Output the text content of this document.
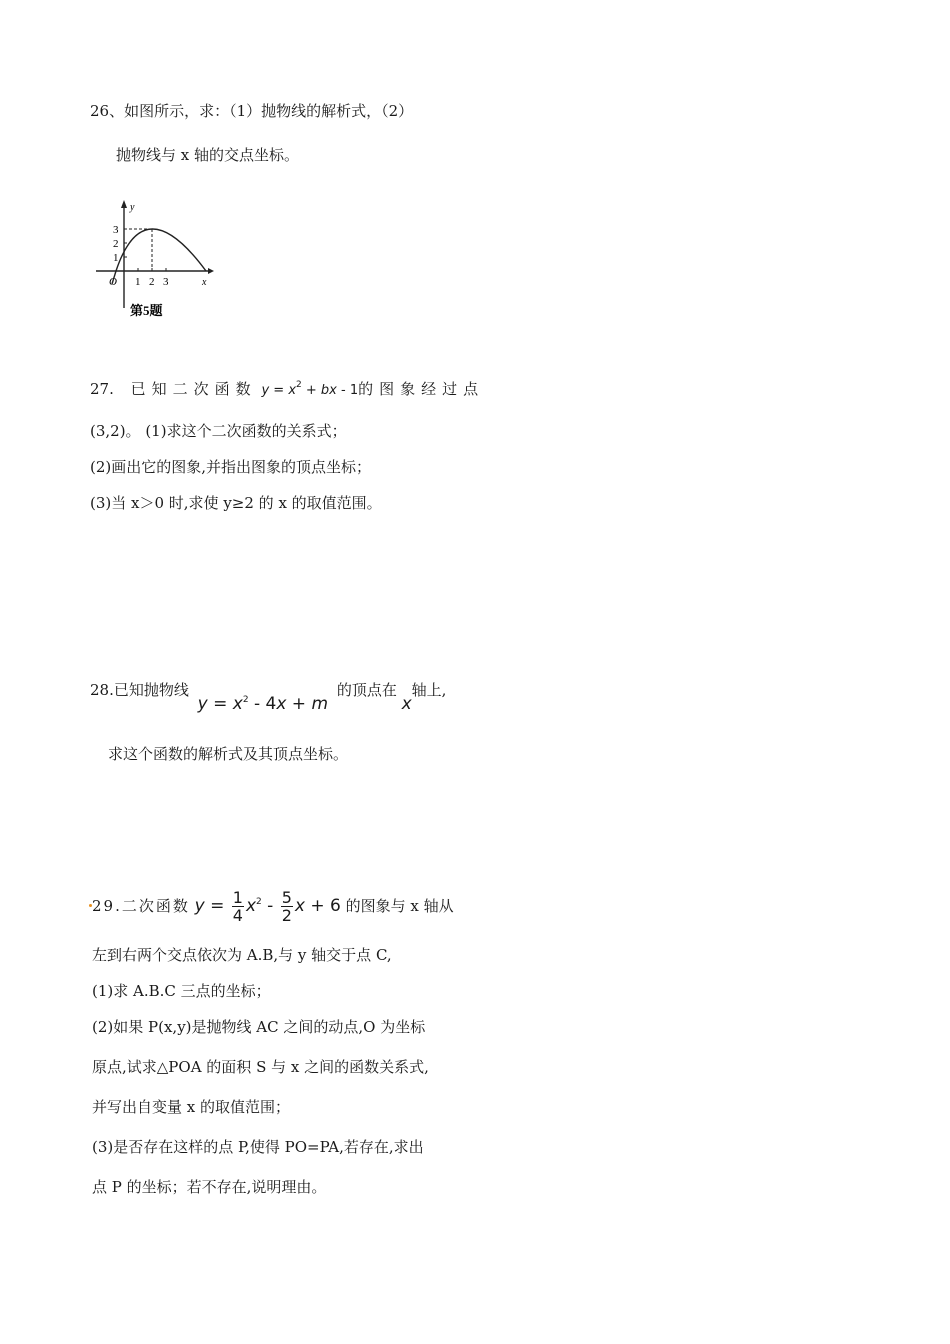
26、如图所示，求：（1）抛物线的解析式，（2）
抛物线与 x 轴的交点坐标。
y
3
2
1
O 1 2 3	x
第5题
27. 已知二次函数 $y = x^2$ + bx - 1的图象经过点
(3,2)。 (1)求这个二次函数的关系式；
(2)画出它的图象,并指出图象的顶点坐标；
(3)当 x＞0 时,求使 y≥2 的 x 的取值范围。
28.已知抛物线 $y = x^2 - 4x + m$ 的顶点在 x轴上,
求这个函数的解析式及其顶点坐标。
29.二次函数 $y = \frac{1}{4} x^2 - \frac{5}{2}$ x + 6 的图象与 x 轴从
左到右两个交点依次为 A.B,与 y 轴交于点 C,
(1)求 A.B.C 三点的坐标；
(2)如果 P(x,y)是抛物线 AC 之间的动点,O 为坐标
原点,试求△POA 的面积 S 与 x 之间的函数关系式,
并写出自变量 x 的取值范围；
(3)是否存在这样的点 P,使得 PO=PA,若存在,求出
点 P 的坐标；若不存在,说明理由。
